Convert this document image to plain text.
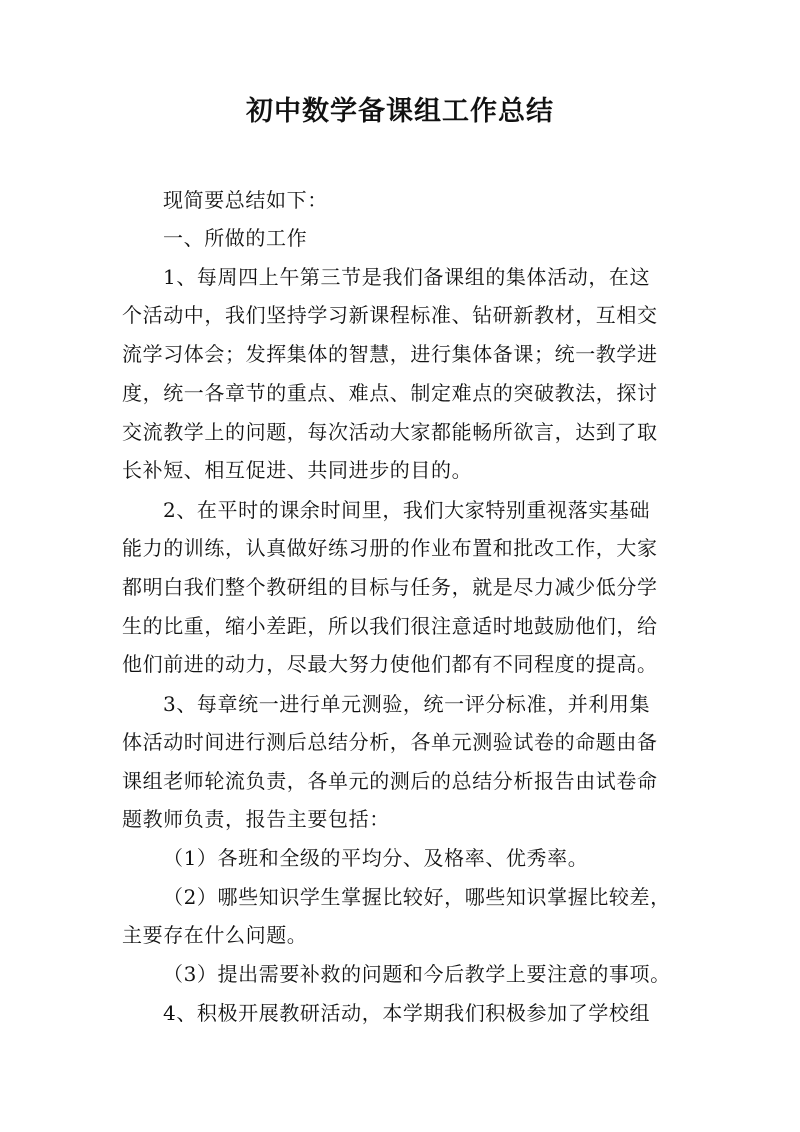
初中数学备课组工作总结
现简要总结如下：
一、所做的工作
1、每周四上午第三节是我们备课组的集体活动，在这
个活动中，我们坚持学习新课程标准、钻研新教材，互相交
流学习体会；发挥集体的智慧，进行集体备课；统一教学进
度，统一各章节的重点、难点、制定难点的突破教法，探讨
交流教学上的问题，每次活动大家都能畅所欲言，达到了取
长补短、相互促进、共同进步的目的。
2、在平时的课余时间里，我们大家特别重视落实基础
能力的训练，认真做好练习册的作业布置和批改工作，大家
都明白我们整个教研组的目标与任务，就是尽力减少低分学
生的比重，缩小差距，所以我们很注意适时地鼓励他们，给
他们前进的动力，尽最大努力使他们都有不同程度的提高。
3、每章统一进行单元测验，统一评分标准，并利用集
体活动时间进行测后总结分析，各单元测验试卷的命题由备
课组老师轮流负责，各单元的测后的总结分析报告由试卷命
题教师负责，报告主要包括：
（1）各班和全级的平均分、及格率、优秀率。
（2）哪些知识学生掌握比较好，哪些知识掌握比较差，
主要存在什么问题。
（3）提出需要补救的问题和今后教学上要注意的事项。
4、积极开展教研活动，本学期我们积极参加了学校组
